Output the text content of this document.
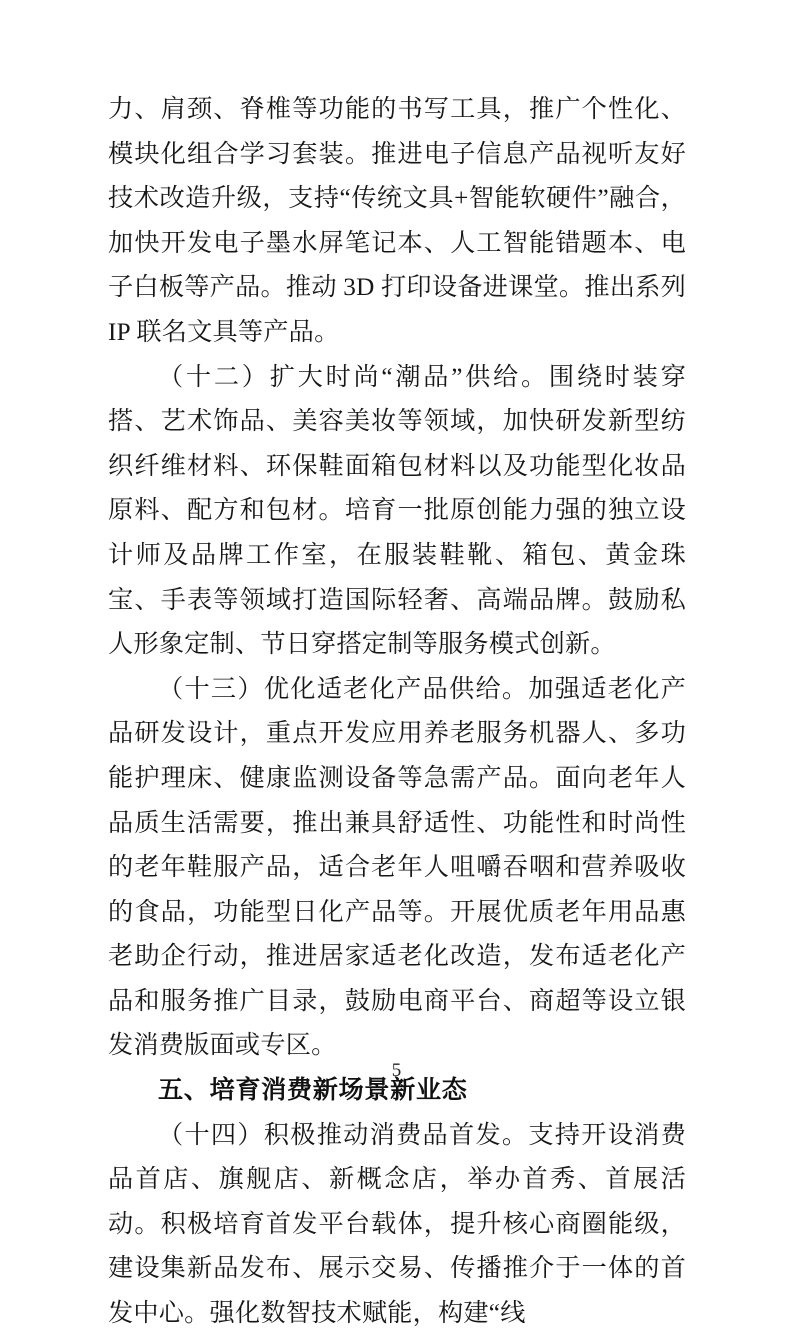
力、肩颈、脊椎等功能的书写工具，推广个性化、模块化组合学习套装。推进电子信息产品视听友好技术改造升级，支持“传统文具+智能软硬件”融合，加快开发电子墨水屏笔记本、人工智能错题本、电子白板等产品。推动 3D 打印设备进课堂。推出系列 IP 联名文具等产品。

（十二）扩大时尚“潮品”供给。围绕时装穿搭、艺术饰品、美容美妆等领域，加快研发新型纺织纤维材料、环保鞋面箱包材料以及功能型化妆品原料、配方和包材。培育一批原创能力强的独立设计师及品牌工作室，在服装鞋靴、箱包、黄金珠宝、手表等领域打造国际轻奢、高端品牌。鼓励私人形象定制、节日穿搭定制等服务模式创新。

（十三）优化适老化产品供给。加强适老化产品研发设计，重点开发应用养老服务机器人、多功能护理床、健康监测设备等急需产品。面向老年人品质生活需要，推出兼具舒适性、功能性和时尚性的老年鞋服产品，适合老年人咀嚼吞咽和营养吸收的食品，功能型日化产品等。开展优质老年用品惠老助企行动，推进居家适老化改造，发布适老化产品和服务推广目录，鼓励电商平台、商超等设立银发消费版面或专区。

五、培育消费新场景新业态

（十四）积极推动消费品首发。支持开设消费品首店、旗舰店、新概念店，举办首秀、首展活动。积极培育首发平台载体，提升核心商圈能级，建设集新品发布、展示交易、传播推介于一体的首发中心。强化数智技术赋能，构建“线

5
